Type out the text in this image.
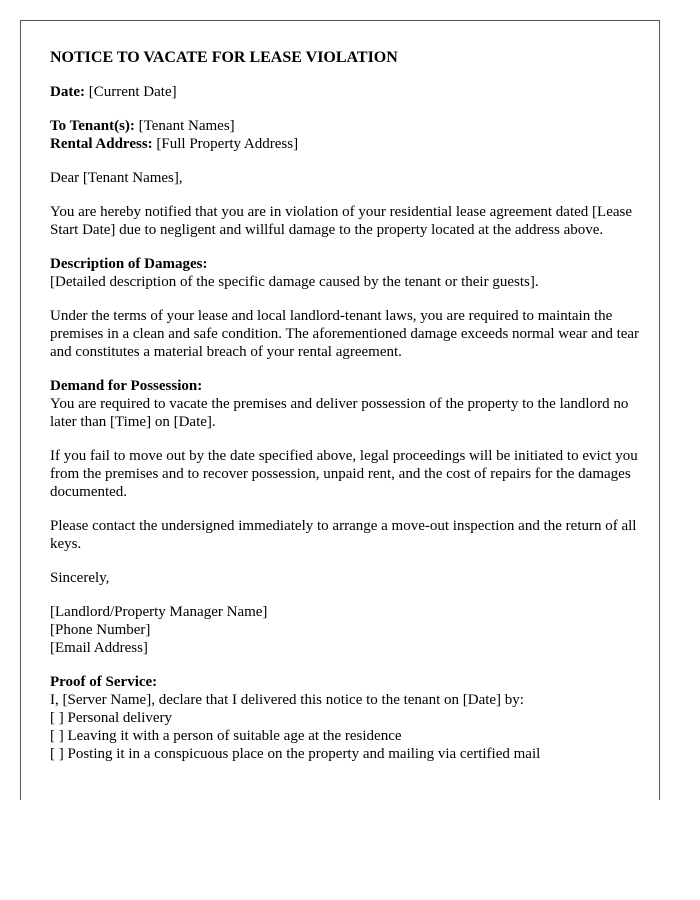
NOTICE TO VACATE FOR LEASE VIOLATION
Date: [Current Date]
To Tenant(s): [Tenant Names]
Rental Address: [Full Property Address]
Dear [Tenant Names],
You are hereby notified that you are in violation of your residential lease agreement dated [Lease Start Date] due to negligent and willful damage to the property located at the address above.
Description of Damages:
[Detailed description of the specific damage caused by the tenant or their guests].
Under the terms of your lease and local landlord-tenant laws, you are required to maintain the premises in a clean and safe condition. The aforementioned damage exceeds normal wear and tear and constitutes a material breach of your rental agreement.
Demand for Possession:
You are required to vacate the premises and deliver possession of the property to the landlord no later than [Time] on [Date].
If you fail to move out by the date specified above, legal proceedings will be initiated to evict you from the premises and to recover possession, unpaid rent, and the cost of repairs for the damages documented.
Please contact the undersigned immediately to arrange a move-out inspection and the return of all keys.
Sincerely,
[Landlord/Property Manager Name]
[Phone Number]
[Email Address]
Proof of Service:
I, [Server Name], declare that I delivered this notice to the tenant on [Date] by:
[ ] Personal delivery
[ ] Leaving it with a person of suitable age at the residence
[ ] Posting it in a conspicuous place on the property and mailing via certified mail
